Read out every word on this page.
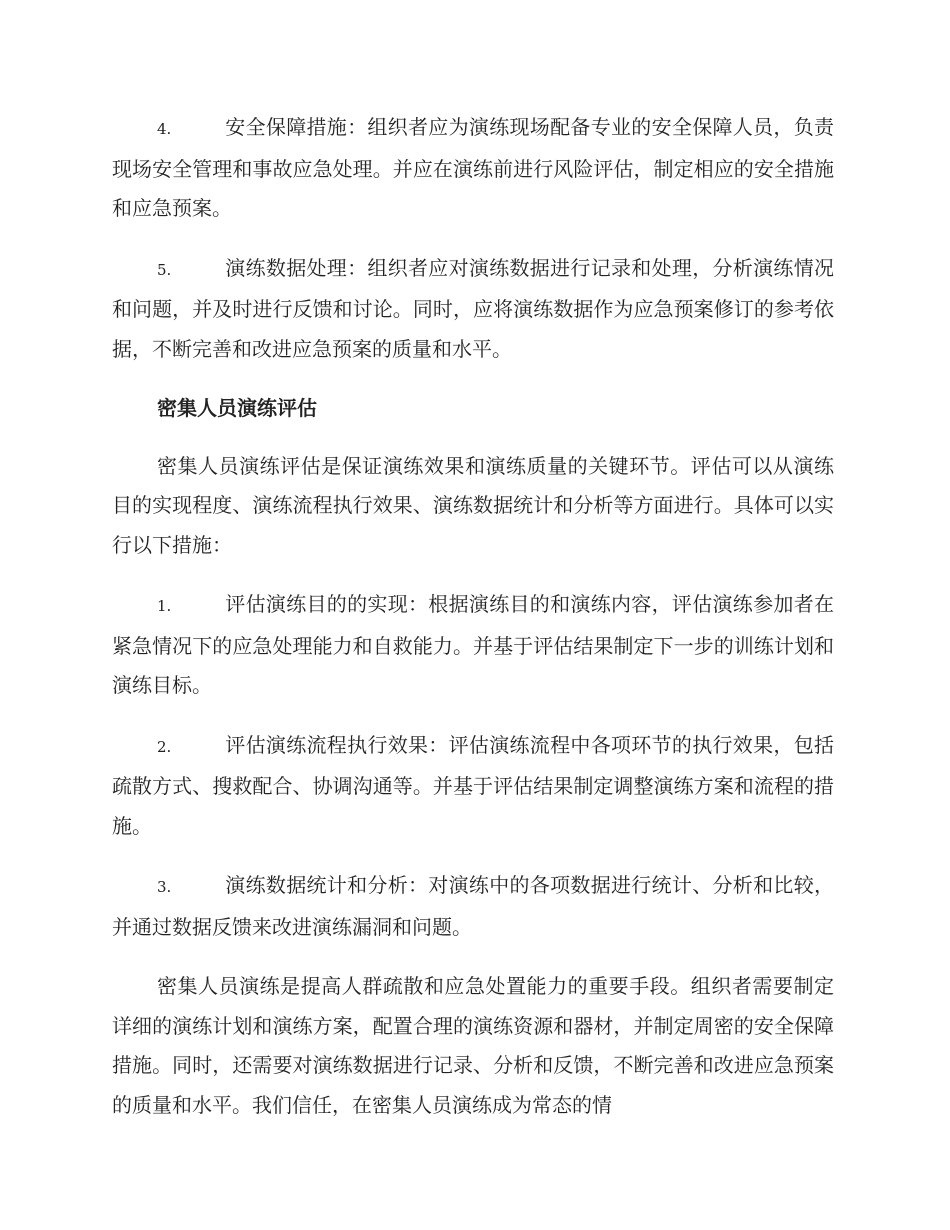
4.	安全保障措施：组织者应为演练现场配备专业的安全保障人员，负责现场安全管理和事故应急处理。并应在演练前进行风险评估，制定相应的安全措施和应急预案。
5.	演练数据处理：组织者应对演练数据进行记录和处理，分析演练情况和问题，并及时进行反馈和讨论。同时，应将演练数据作为应急预案修订的参考依据，不断完善和改进应急预案的质量和水平。
密集人员演练评估

密集人员演练评估是保证演练效果和演练质量的关键环节。评估可以从演练目的实现程度、演练流程执行效果、演练数据统计和分析等方面进行。具体可以实行以下措施：

1.	评估演练目的的实现：根据演练目的和演练内容，评估演练参加者在紧急情况下的应急处理能力和自救能力。并基于评估结果制定下一步的训练计划和演练目标。
2.	评估演练流程执行效果：评估演练流程中各项环节的执行效果，包括疏散方式、搜救配合、协调沟通等。并基于评估结果制定调整演练方案和流程的措施。
3.	演练数据统计和分析：对演练中的各项数据进行统计、分析和比较，并通过数据反馈来改进演练漏洞和问题。

密集人员演练是提高人群疏散和应急处置能力的重要手段。组织者需要制定详细的演练计划和演练方案，配置合理的演练资源和器材，并制定周密的安全保障措施。同时，还需要对演练数据进行记录、分析和反馈，不断完善和改进应急预案的质量和水平。我们信任，在密集人员演练成为常态的情
